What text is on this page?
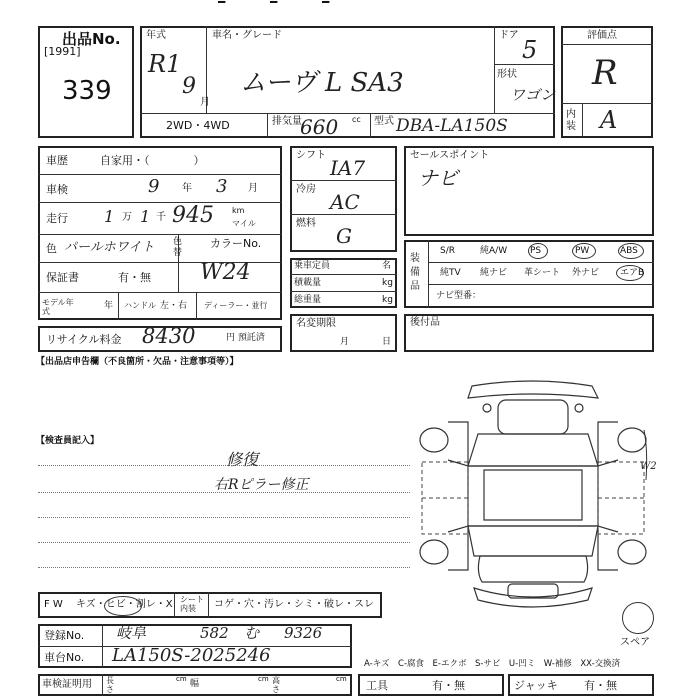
━	━	━
出品No.
[1991]
339
年式
R1
9
月
車名・グレード
ムーヴ L SA3
ドア
5
形状
ワゴン
2WD・4WD	排気量
660 cc 型式 DBA-LA150S
評価点
R
内装 A
車歴	自家用・（　　　　）
車検	9 年 3 月
走行 1 万 1 千 945 km
マイル
色 パールホワイト 色替
カラーNo.
保証書	有・無 W24
モデル年式
年 ハンドル 左・右 ディーラー・並行
リサイクル料金 8430	円 預託済
シフト
IA7
冷房
AC
燃料
G
乗車定員	名
積載量	kg
総重量	kg
名変期限
月	日
セールスポイント
ナビ
装備品
S/R	純A/W	PS	PW	ABS
純TV 純ナビ 革シート 外ナビ エアB
ナビ型番：
後付品
【出品店申告欄（不良箇所・欠品・注意事項等）】
【検査員記入】
修復
右Rピラー修正
W2
スペア
F W キズ・ヒビ・割レ・X シート内装	コゲ・穴・汚レ・シミ・破レ・スレ
登録No. 岐阜	582 む 9326
車台No. LA150S-2025246	A-キズ　C-腐食　E-エクボ　S-サビ　U-凹ミ　W-補修　XX-交換済
車検証明用 長さ
cm 幅	cm 高さ
cm 工具	有・無	ジャッキ 有・無
